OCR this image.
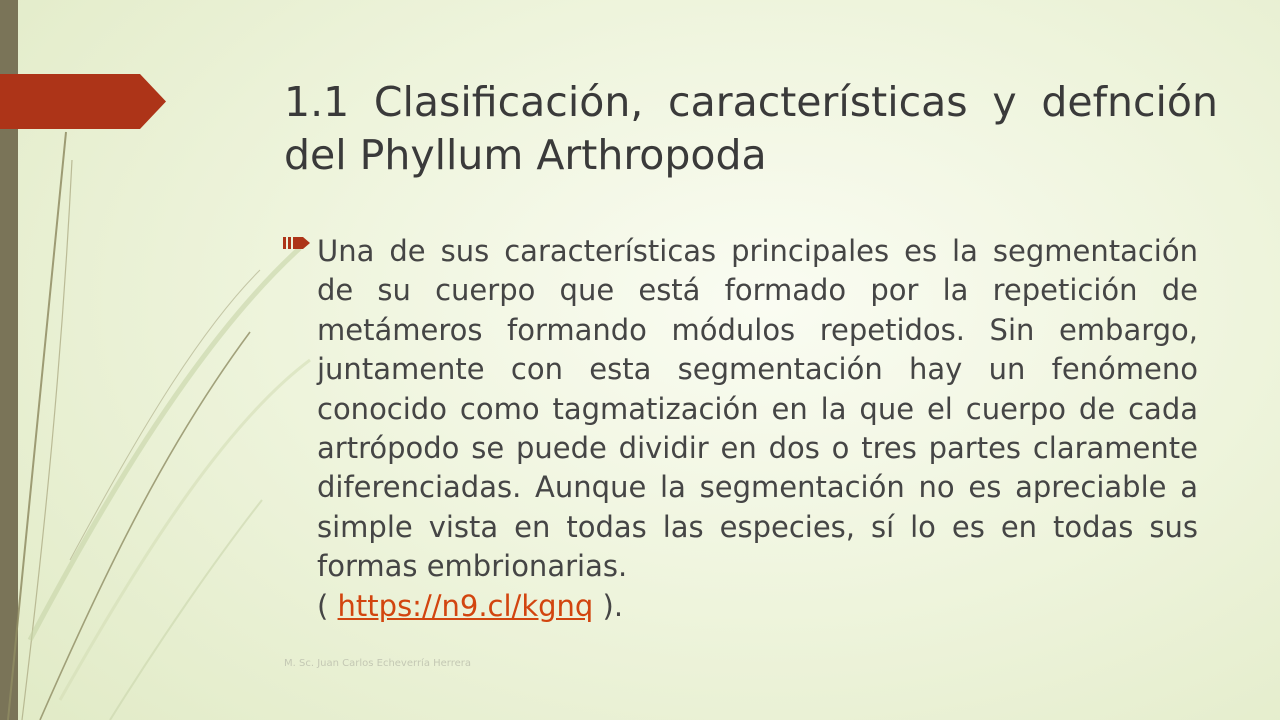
1.1 Clasificación, características y defnción del Phyllum Arthropoda

Una de sus características principales es la segmentación de su cuerpo que está formado por la repetición de metámeros formando módulos repetidos. Sin embargo, juntamente con esta segmentación hay un fenómeno conocido como tagmatización en la que el cuerpo de cada artrópodo se puede dividir en dos o tres partes claramente diferenciadas. Aunque la segmentación no es apreciable a simple vista en todas las especies, sí lo es en todas sus formas embrionarias.
( https://n9.cl/kgnq ).

M. Sc. Juan Carlos Echeverría Herrera
